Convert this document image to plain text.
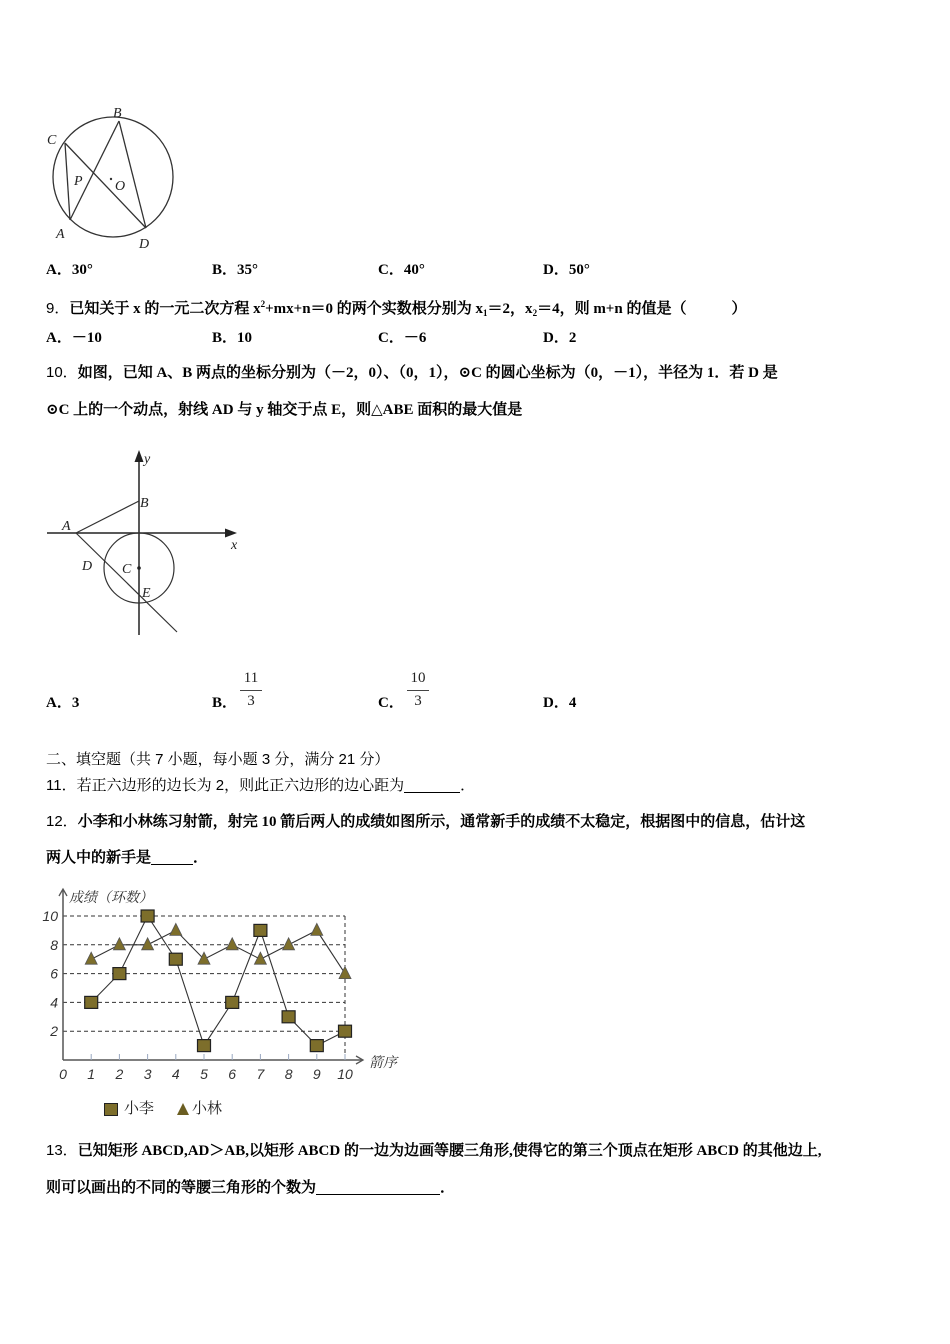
B
C
P O
A
D
A．30°	B．35°	C．40°	D．50°
9．已知关于 x 的一元二次方程 $x^2+mx+n=0$ 的两个实数根分别为 $x_1=2$，$x_2=4$，则 m+n 的值是（　　　）
A．－10	B．10	C．－6	D．2
10．如图，已知 A、B 两点的坐标分别为（－2，0）、（0，1），⊙C 的圆心坐标为（0，－1），半径为 1．若 D 是
⊙C 上的一个动点，射线 AD 与 y 轴交于点 E，则△ABE 面积的最大值是
y
B
A
x
D C
E
A．3	B．
11
3	C．
10
3	D．4
二、填空题（共 7 小题，每小题 3 分，满分 21 分）
11．若正六边形的边长为 2，则此正六边形的边心距为	．
12．小李和小林练习射箭，射完 10 箭后两人的成绩如图所示，通常新手的成绩不太稳定，根据图中的信息，估计这
两人中的新手是	．
2
4
6
8
10
0 1 2 3 4 5 6 7 8 9 10
成绩（环数）
箭序
小李	小林
13．已知矩形 ABCD,AD＞AB,以矩形 ABCD 的一边为边画等腰三角形,使得它的第三个顶点在矩形 ABCD 的其他边上,
则可以画出的不同的等腰三角形的个数为	．
